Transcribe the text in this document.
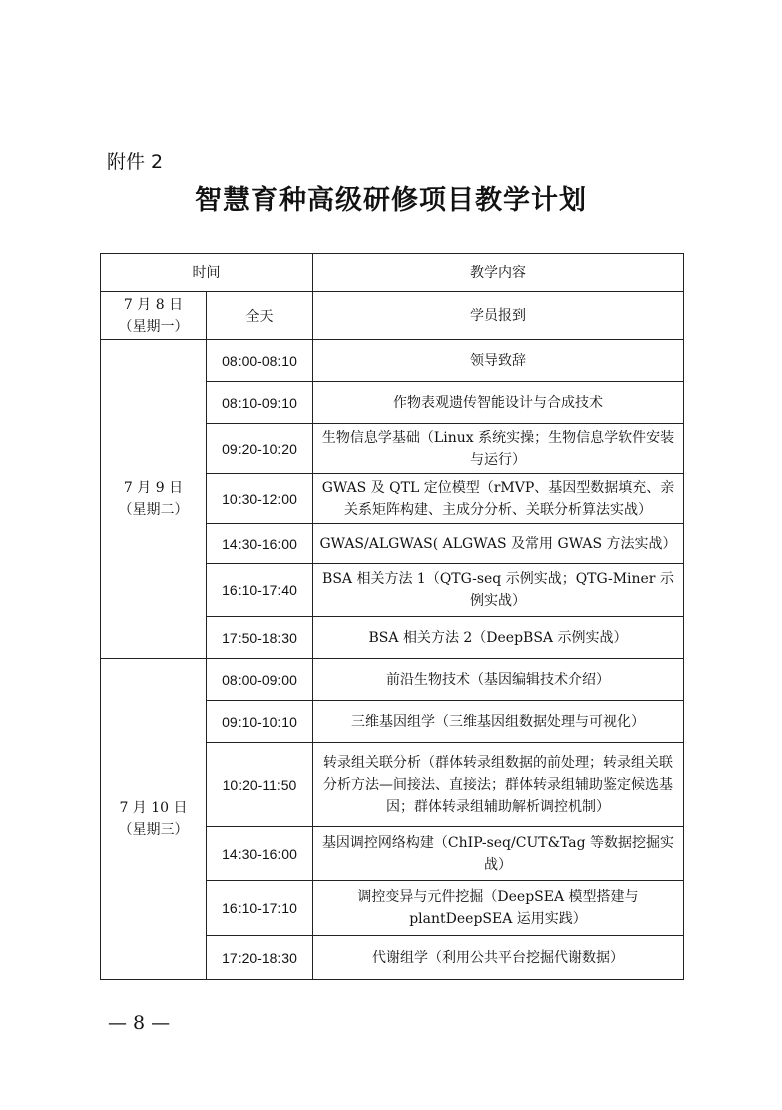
附件 2
智慧育种高级研修项目教学计划
时间		教学内容

7 月 8 日
（星期一）	全天	学员报到

7 月 9 日
（星期二）	08:00-08:10	领导致辞
	08:10-09:10	作物表观遗传智能设计与合成技术
	09:20-10:20	生物信息学基础（Linux 系统实操；生物信息学软件安装与运行）
	10:30-12:00	GWAS 及 QTL 定位模型（rMVP、基因型数据填充、亲　关系矩阵构建、主成分分析、关联分析算法实战）
	14:30-16:00	GWAS/ALGWAS( ALGWAS 及常用 GWAS 方法实战）
	16:10-17:40	BSA 相关方法 1（QTG-seq 示例实战；QTG-Miner 示例实战）
	17:50-18:30	BSA 相关方法 2（DeepBSA 示例实战）

7 月 10 日
（星期三）	08:00-09:00	前沿生物技术（基因编辑技术介绍）
	09:10-10:10	三维基因组学（三维基因组数据处理与可视化）
	10:20-11:50	转录组关联分析（群体转录组数据的前处理；转录组关联分析方法—间接法、直接法；群体转录组辅助鉴定候选基因；群体转录组辅助解析调控机制）
	14:30-16:00	基因调控网络构建（ChIP-seq/CUT&Tag 等数据挖掘实战）
	16:10-17:10	调控变异与元件挖掘（DeepSEA 模型搭建与 plantDeepSEA 运用实践）
	17:20-18:30	代谢组学（利用公共平台挖掘代谢数据）
— 8 —
